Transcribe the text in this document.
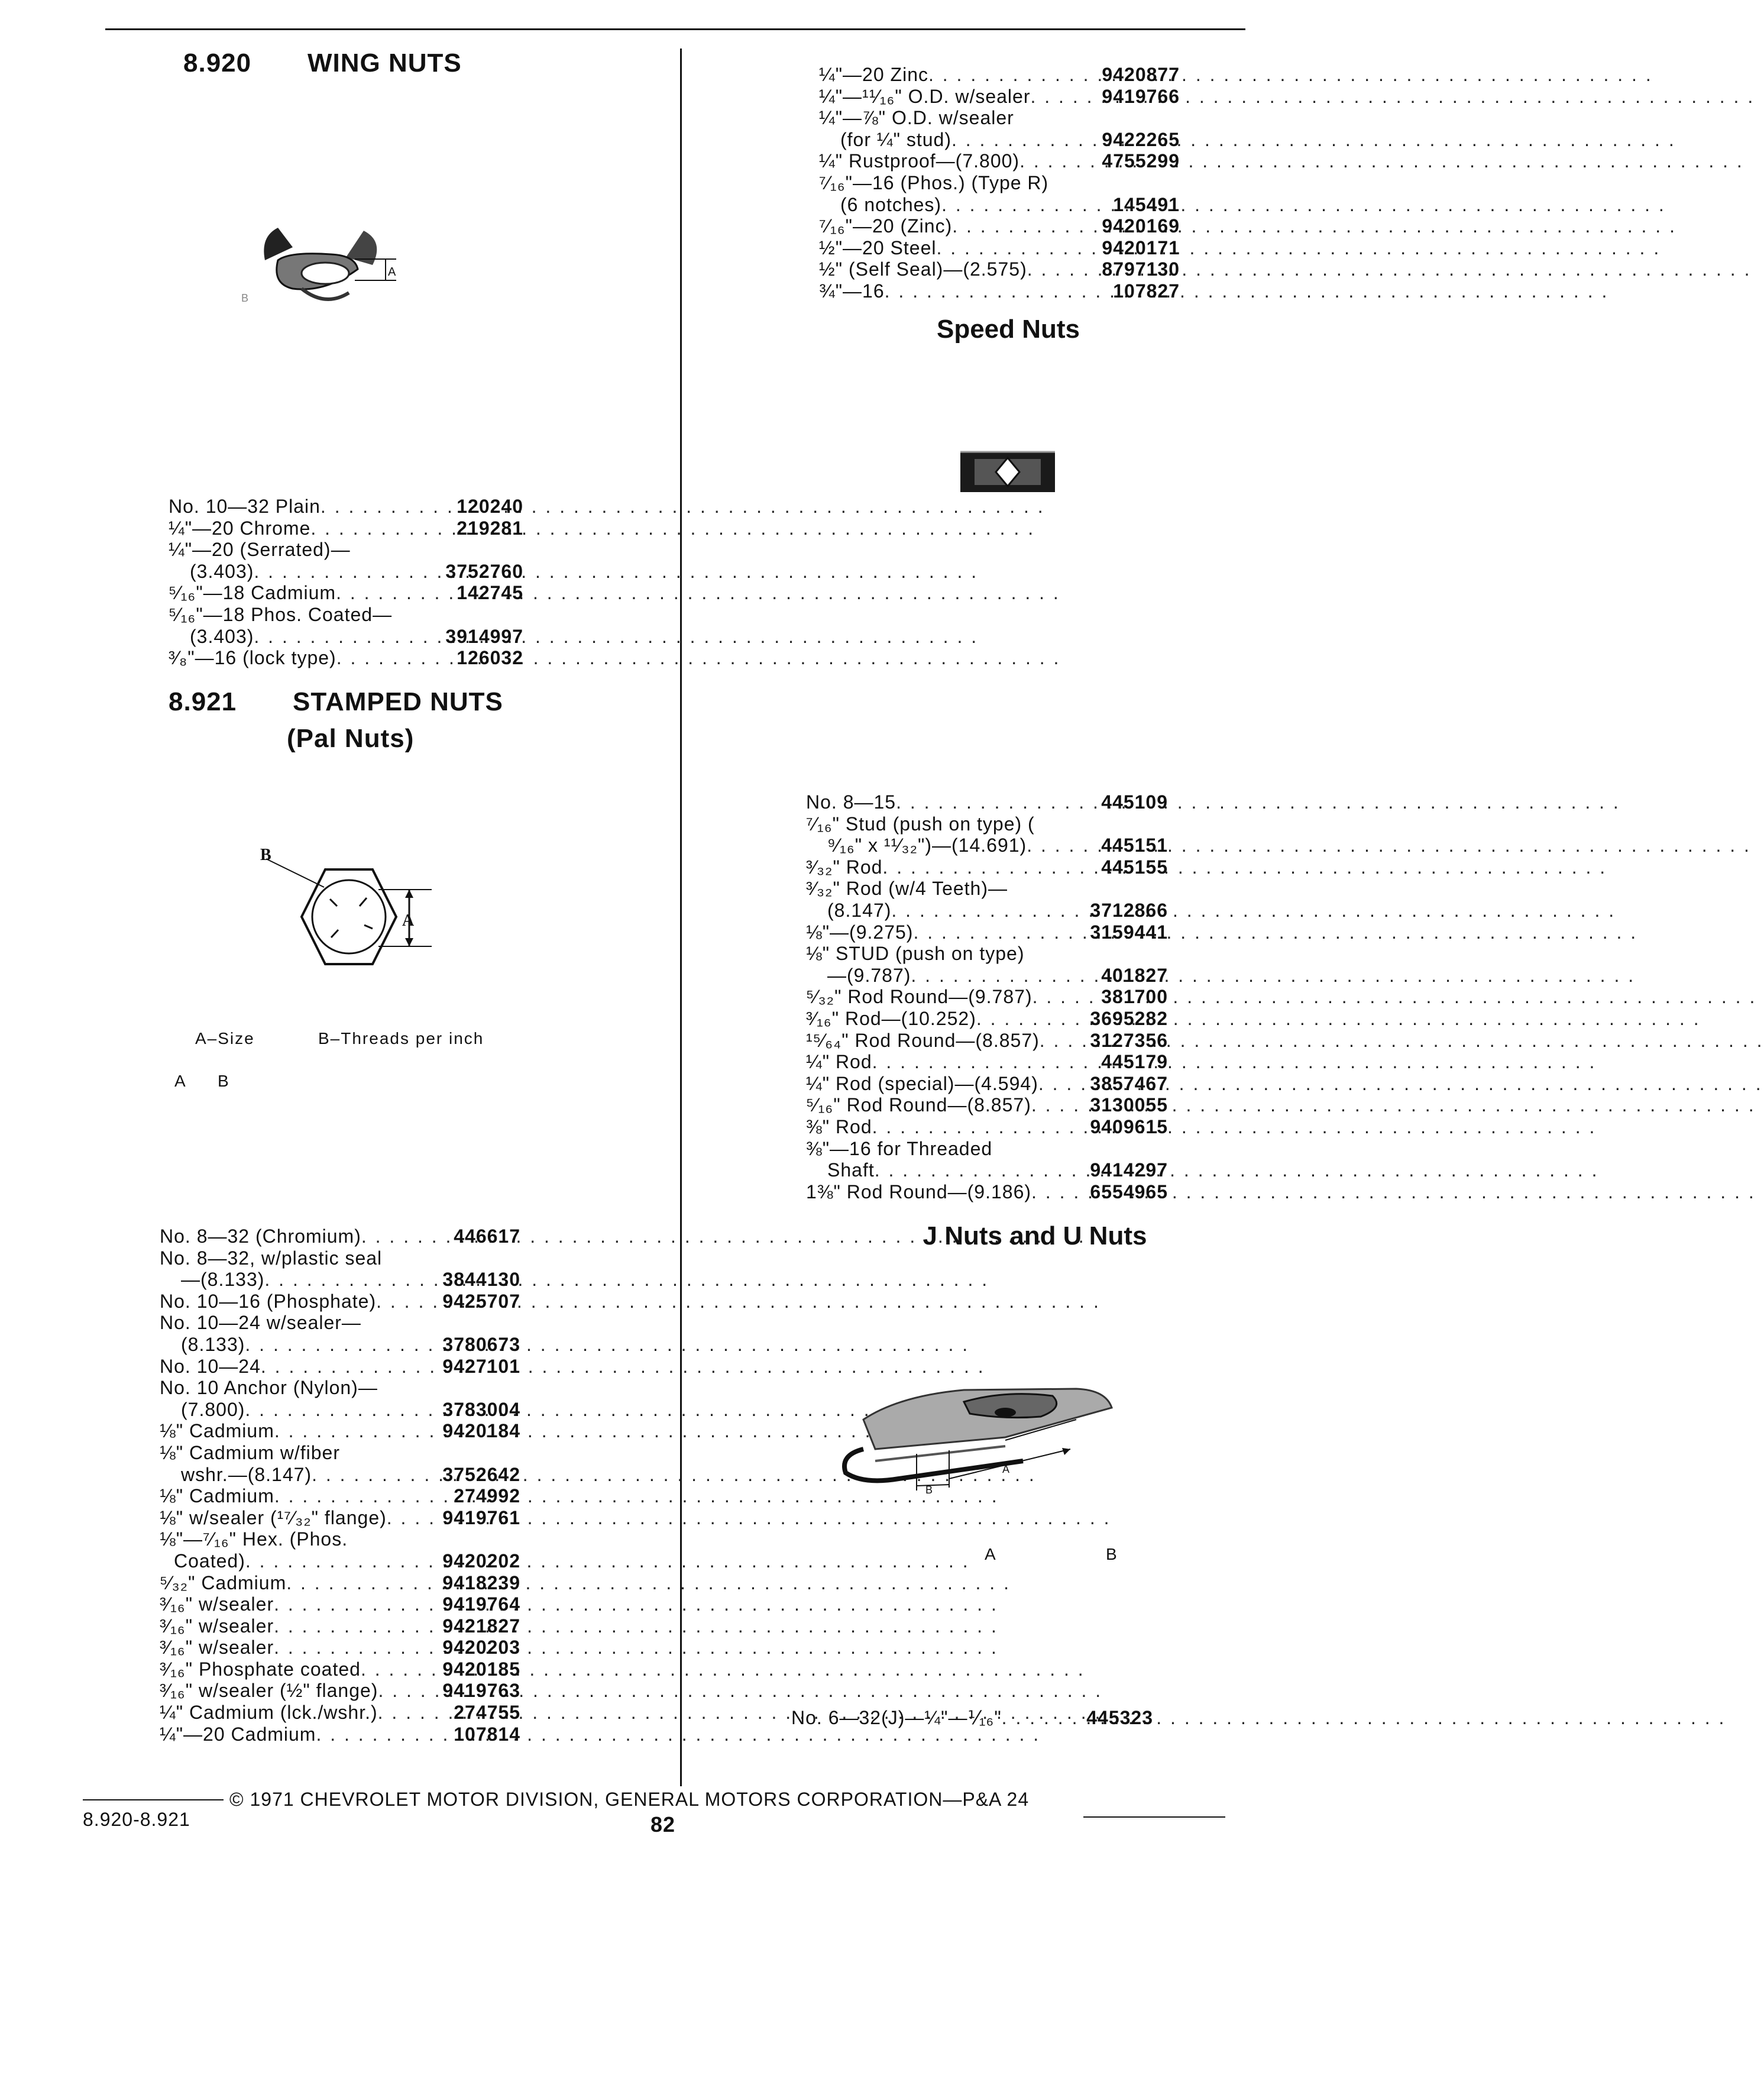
8.920 WING NUTS
A
B
No. 10—32 Plain . . .	120240
¼"—20 Chrome . . .	219281
¼"—20 (Serrated)—
(3.403) . . .	3752760
⁵⁄₁₆"—18 Cadmium . . .	142745
⁵⁄₁₆"—18 Phos. Coated—
(3.403) . . .	3914997
³⁄₈"—16 (lock type) . . .	126032
8.921 STAMPED NUTS
(Pal Nuts)
B
A
A–Size	B–Threads per inch
A B
No. 8—32 (Chromium) . . .	446617
No. 8—32, w/plastic seal
—(8.133) . . .	3844130
No. 10—16 (Phosphate) . . .	9425707
No. 10—24 w/sealer—
(8.133) . . .	3780673
No. 10—24 . . .	9427101
No. 10 Anchor (Nylon)—
(7.800) . . .	3783004
⅛" Cadmium . . .	9420184
⅛" Cadmium w/fiber
wshr.—(8.147) . . .	3752642
⅛" Cadmium . . .	274992
⅛" w/sealer (¹⁷⁄₃₂" flange) . . .	9419761
⅛"—⁷⁄₁₆" Hex. (Phos.
Coated) . . .	9420202
⁵⁄₃₂" Cadmium . . .	9418239
³⁄₁₆" w/sealer . . .	9419764
³⁄₁₆" w/sealer . . .	9421827
³⁄₁₆" w/sealer . . .	9420203
³⁄₁₆" Phosphate coated . . .	9420185
³⁄₁₆" w/sealer (½" flange) . . .	9419763
¼" Cadmium (lck./wshr.) . . .	274755
¼"—20 Cadmium . . .	107814
¼"—20 Zinc . . .	9420877
¼"—¹¹⁄₁₆" O.D. w/sealer . . .	9419766
¼"—⅞" O.D. w/sealer
(for ¼" stud) . . .	9422265
¼" Rustproof—(7.800) . . .	4755299
⁷⁄₁₆"—16 (Phos.) (Type R)
(6 notches) . . .	145491
⁷⁄₁₆"—20 (Zinc) . . .	9420169
½"—20 Steel . . .	9420171
½" (Self Seal)—(2.575) . . .	8797130
¾"—16 . . .	107827
Speed Nuts
No. 8—15 . . .	445109
⁷⁄₁₆" Stud (push on type) (
⁹⁄₁₆" x ¹¹⁄₃₂")—(14.691) . . .	445151
³⁄₃₂" Rod . . .	445155
³⁄₃₂" Rod (w/4 Teeth)—
(8.147) . . .	3712866
⅛"—(9.275) . . .	3159441
⅛" STUD (push on type)
—(9.787) . . .	401827
⁵⁄₃₂" Rod Round—(9.787) . . .	381700
³⁄₁₆" Rod—(10.252) . . .	3695282
¹⁵⁄₆₄" Rod Round—(8.857) . . .	3127356
¼" Rod . . .	445179
¼" Rod (special)—(4.594) . . .	3857467
⁵⁄₁₆" Rod Round—(8.857) . . .	3130055
⅜" Rod . . .	9409615
⅜"—16 for Threaded
Shaft . . .	9414297
1⅜" Rod Round—(9.186) . . .	6554965
J Nuts and U Nuts
B
A
A	B
No. 6—32(J)—¼"—⅟₁₆" . . .	445323
© 1971 CHEVROLET MOTOR DIVISION, GENERAL MOTORS CORPORATION—P&A 24
8.920-8.921	82
